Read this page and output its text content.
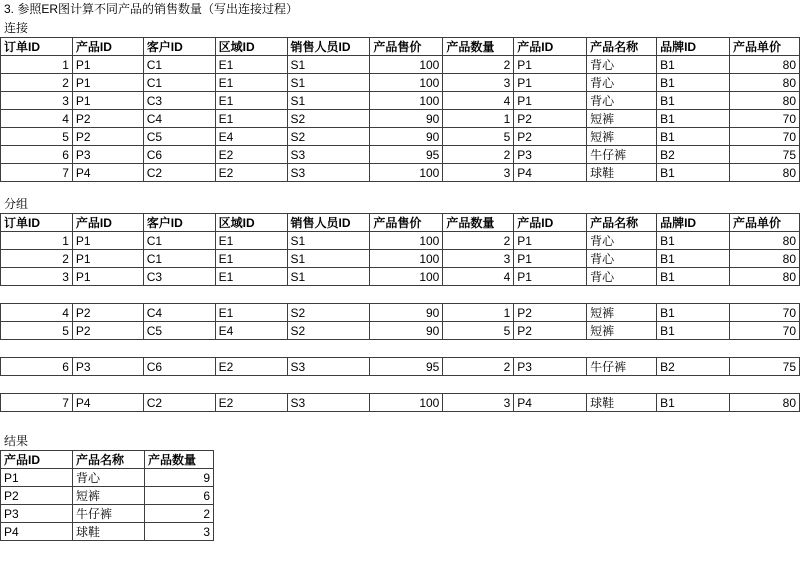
3. 参照ER图计算不同产品的销售数量（写出连接过程）
连接
订单ID	产品ID	客户ID	区域ID	销售人员ID	产品售价	产品数量	产品ID	产品名称	品牌ID	产品单价
1	P1	C1	E1	S1	100	2	P1	背心	B1	80
2	P1	C1	E1	S1	100	3	P1	背心	B1	80
3	P1	C3	E1	S1	100	4	P1	背心	B1	80
4	P2	C4	E1	S2	90	1	P2	短裤	B1	70
5	P2	C5	E4	S2	90	5	P2	短裤	B1	70
6	P3	C6	E2	S3	95	2	P3	牛仔裤	B2	75
7	P4	C2	E2	S3	100	3	P4	球鞋	B1	80
分组
订单ID	产品ID	客户ID	区域ID	销售人员ID	产品售价	产品数量	产品ID	产品名称	品牌ID	产品单价
1	P1	C1	E1	S1	100	2	P1	背心	B1	80
2	P1	C1	E1	S1	100	3	P1	背心	B1	80
3	P1	C3	E1	S1	100	4	P1	背心	B1	80

4	P2	C4	E1	S2	90	1	P2	短裤	B1	70
5	P2	C5	E4	S2	90	5	P2	短裤	B1	70

6	P3	C6	E2	S3	95	2	P3	牛仔裤	B2	75

7	P4	C2	E2	S3	100	3	P4	球鞋	B1	80
结果
产品ID	产品名称	产品数量
P1	背心	9
P2	短裤	6
P3	牛仔裤	2
P4	球鞋	3
